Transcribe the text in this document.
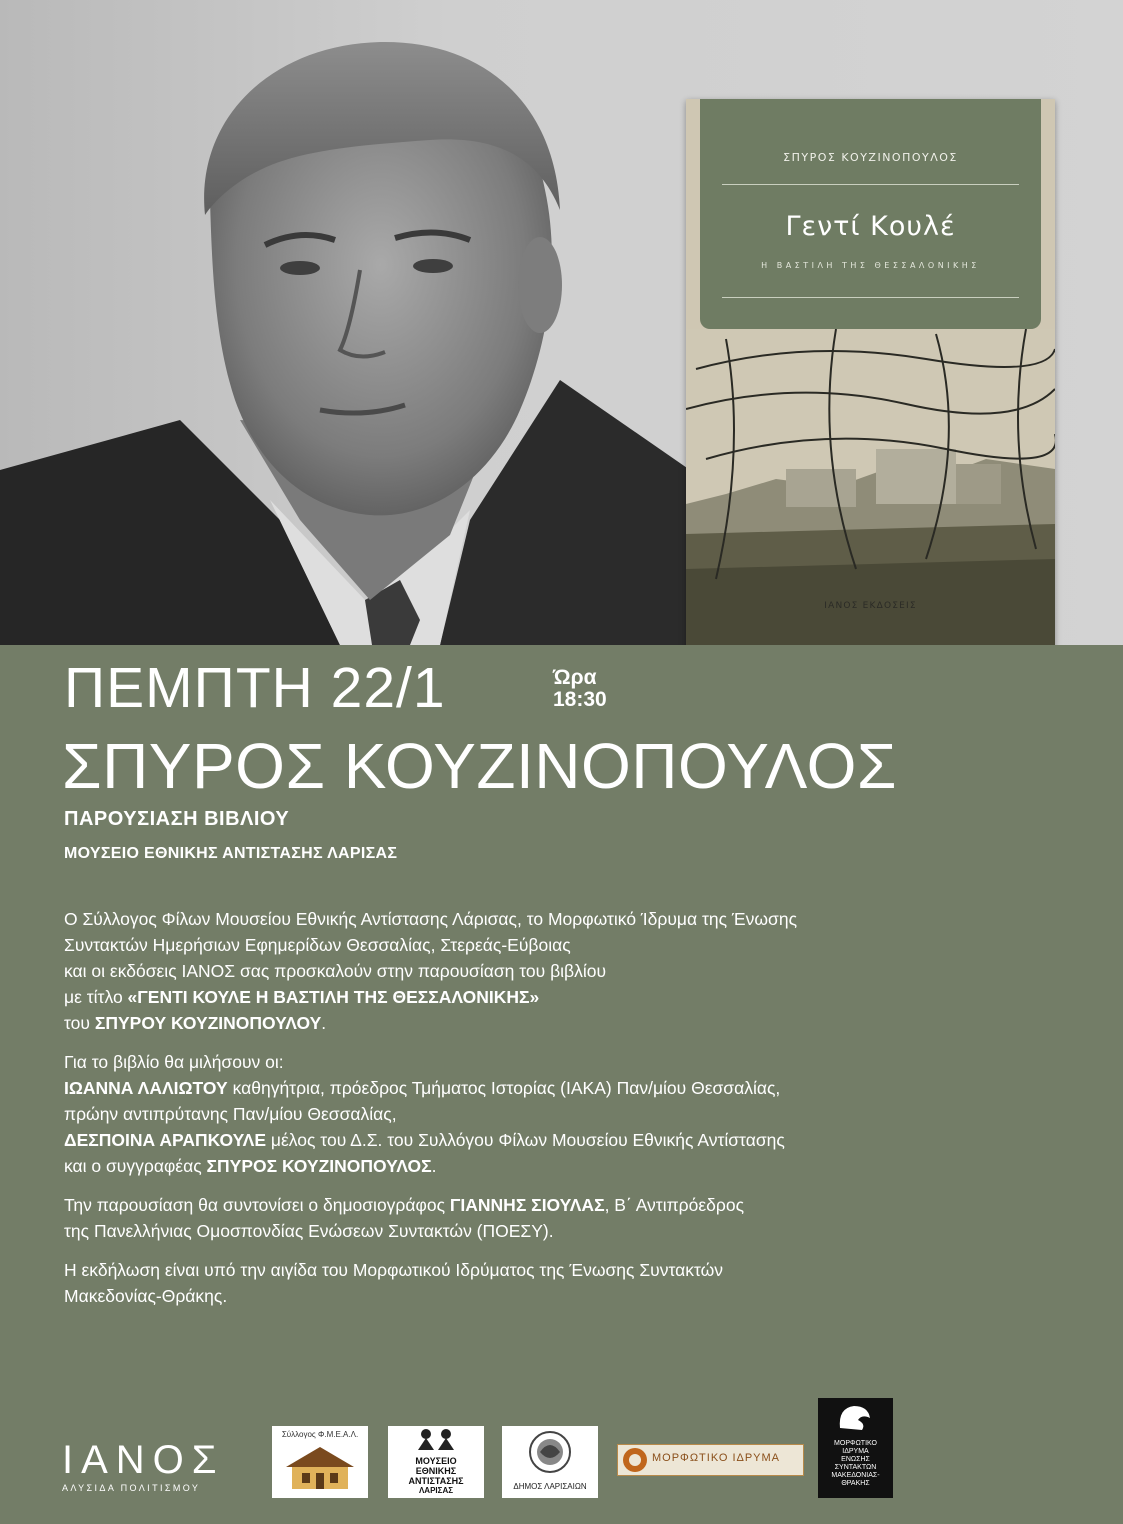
ΣΠΥΡΟΣ ΚΟΥΖΙΝΟΠΟΥΛΟΣ
Γεντί Κουλέ
Η ΒΑΣΤΙΛΗ ΤΗΣ ΘΕΣΣΑΛΟΝΙΚΗΣ
ΙΑΝΟΣ ΕΚΔΟΣΕΙΣ
ΠΕΜΠΤΗ 22/1	Ώρα
18:30
ΣΠΥΡΟΣ ΚΟΥΖΙΝΟΠΟΥΛΟΣ
ΠΑΡΟΥΣΙΑΣΗ ΒΙΒΛΙΟΥ
ΜΟΥΣΕΙΟ ΕΘΝΙΚΗΣ ΑΝΤΙΣΤΑΣΗΣ ΛΑΡΙΣΑΣ

Ο Σύλλογος Φίλων Μουσείου Εθνικής Αντίστασης Λάρισας, το Μορφωτικό Ίδρυμα της Ένωσης
Συντακτών Ημερήσιων Εφημερίδων Θεσσαλίας, Στερεάς-Εύβοιας
και οι εκδόσεις ΙΑΝΟΣ σας προσκαλούν στην παρουσίαση του βιβλίου
με τίτλο «ΓΕΝΤΙ ΚΟΥΛΕ Η ΒΑΣΤΙΛΗ ΤΗΣ ΘΕΣΣΑΛΟΝΙΚΗΣ»
του ΣΠΥΡΟΥ ΚΟΥΖΙΝΟΠΟΥΛΟΥ.

Για το βιβλίο θα μιλήσουν οι:
ΙΩΑΝΝΑ ΛΑΛΙΩΤΟΥ καθηγήτρια, πρόεδρος Τμήματος Ιστορίας (ΙΑΚΑ) Παν/μίου Θεσσαλίας,
πρώην αντιπρύτανης Παν/μίου Θεσσαλίας,
ΔΕΣΠΟΙΝΑ ΑΡΑΠΚΟΥΛΕ μέλος του Δ.Σ. του Συλλόγου Φίλων Μουσείου Εθνικής Αντίστασης
και ο συγγραφέας ΣΠΥΡΟΣ ΚΟΥΖΙΝΟΠΟΥΛΟΣ.

Την παρουσίαση θα συντονίσει ο δημοσιογράφος ΓΙΑΝΝΗΣ ΣΙΟΥΛΑΣ, Β΄ Αντιπρόεδρος
της Πανελλήνιας Ομοσπονδίας Ενώσεων Συντακτών (ΠΟΕΣΥ).

Η εκδήλωση είναι υπό την αιγίδα του Μορφωτικού Ιδρύματος της Ένωσης Συντακτών
Μακεδονίας-Θράκης.

ΙΑΝΟΣ
ΑΛΥΣΙΔΑ ΠΟΛΙΤΙΣΜΟΥ
Σύλλογος Φ.Μ.Ε.Α.Λ.
ΜΟΥΣΕΙΟ
ΕΘΝΙΚΗΣ
ΑΝΤΙΣΤΑΣΗΣ
ΛΑΡΙΣΑΣ	ΔΗΜΟΣ ΛΑΡΙΣΑΙΩΝ
ΜΟΡΦΩΤΙΚΟ ΙΔΡΥΜΑ
ΜΟΡΦΩΤΙΚΟ
ΙΔΡΥΜΑ
ΕΝΩΣΗΣ
ΣΥΝΤΑΚΤΩΝ
ΜΑΚΕΔΟΝΙΑΣ-
ΘΡΑΚΗΣ
